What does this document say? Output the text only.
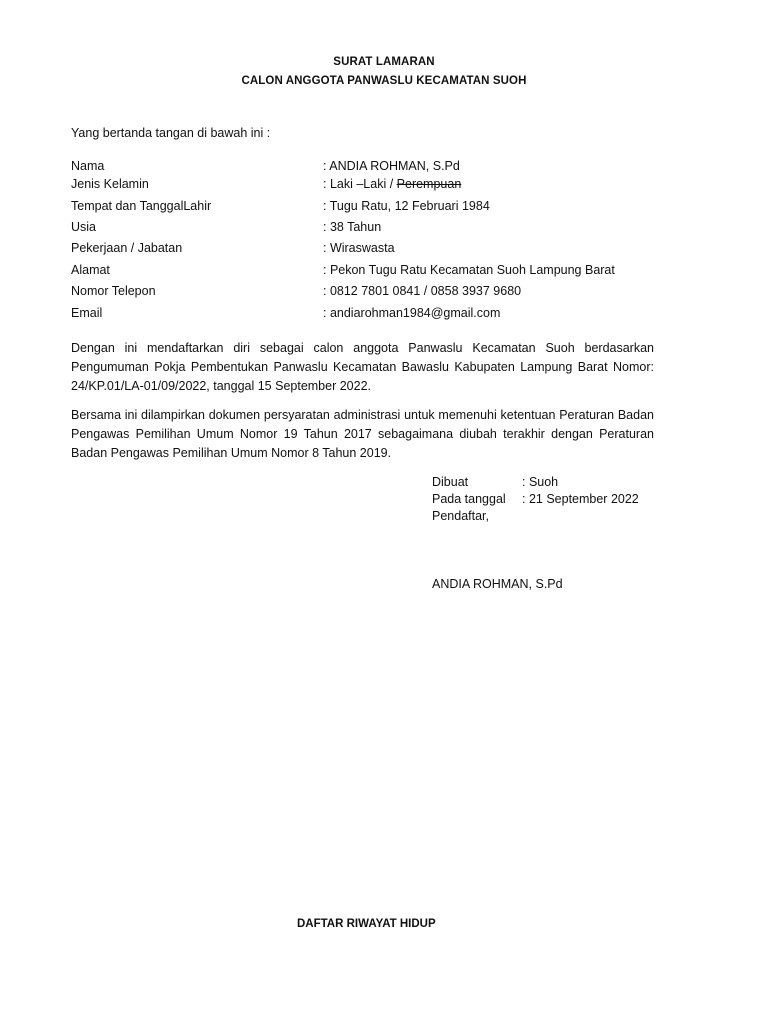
SURAT LAMARAN
CALON ANGGOTA PANWASLU KECAMATAN SUOH
Yang bertanda tangan di bawah ini :
Nama	: ANDIA ROHMAN, S.Pd
Jenis Kelamin	: Laki –Laki / Perempuan
Tempat dan TanggalLahir	: Tugu Ratu, 12 Februari 1984
Usia	: 38 Tahun
Pekerjaan / Jabatan	: Wiraswasta
Alamat	: Pekon Tugu Ratu Kecamatan Suoh Lampung Barat
Nomor Telepon	: 0812 7801 0841 / 0858 3937 9680
Email	: andiarohman1984@gmail.com
Dengan ini mendaftarkan diri sebagai calon anggota Panwaslu Kecamatan Suoh berdasarkan Pengumuman Pokja Pembentukan Panwaslu Kecamatan Bawaslu Kabupaten Lampung Barat Nomor: 24/KP.01/LA-01/09/2022, tanggal 15 September 2022.
Bersama ini dilampirkan dokumen persyaratan administrasi untuk memenuhi ketentuan Peraturan Badan Pengawas Pemilihan Umum Nomor 19 Tahun 2017 sebagaimana diubah terakhir dengan Peraturan Badan Pengawas Pemilihan Umum Nomor 8 Tahun 2019.
Dibuat	: Suoh
Pada tanggal : 21 September 2022
Pendaftar,
ANDIA ROHMAN, S.Pd
DAFTAR RIWAYAT HIDUP
